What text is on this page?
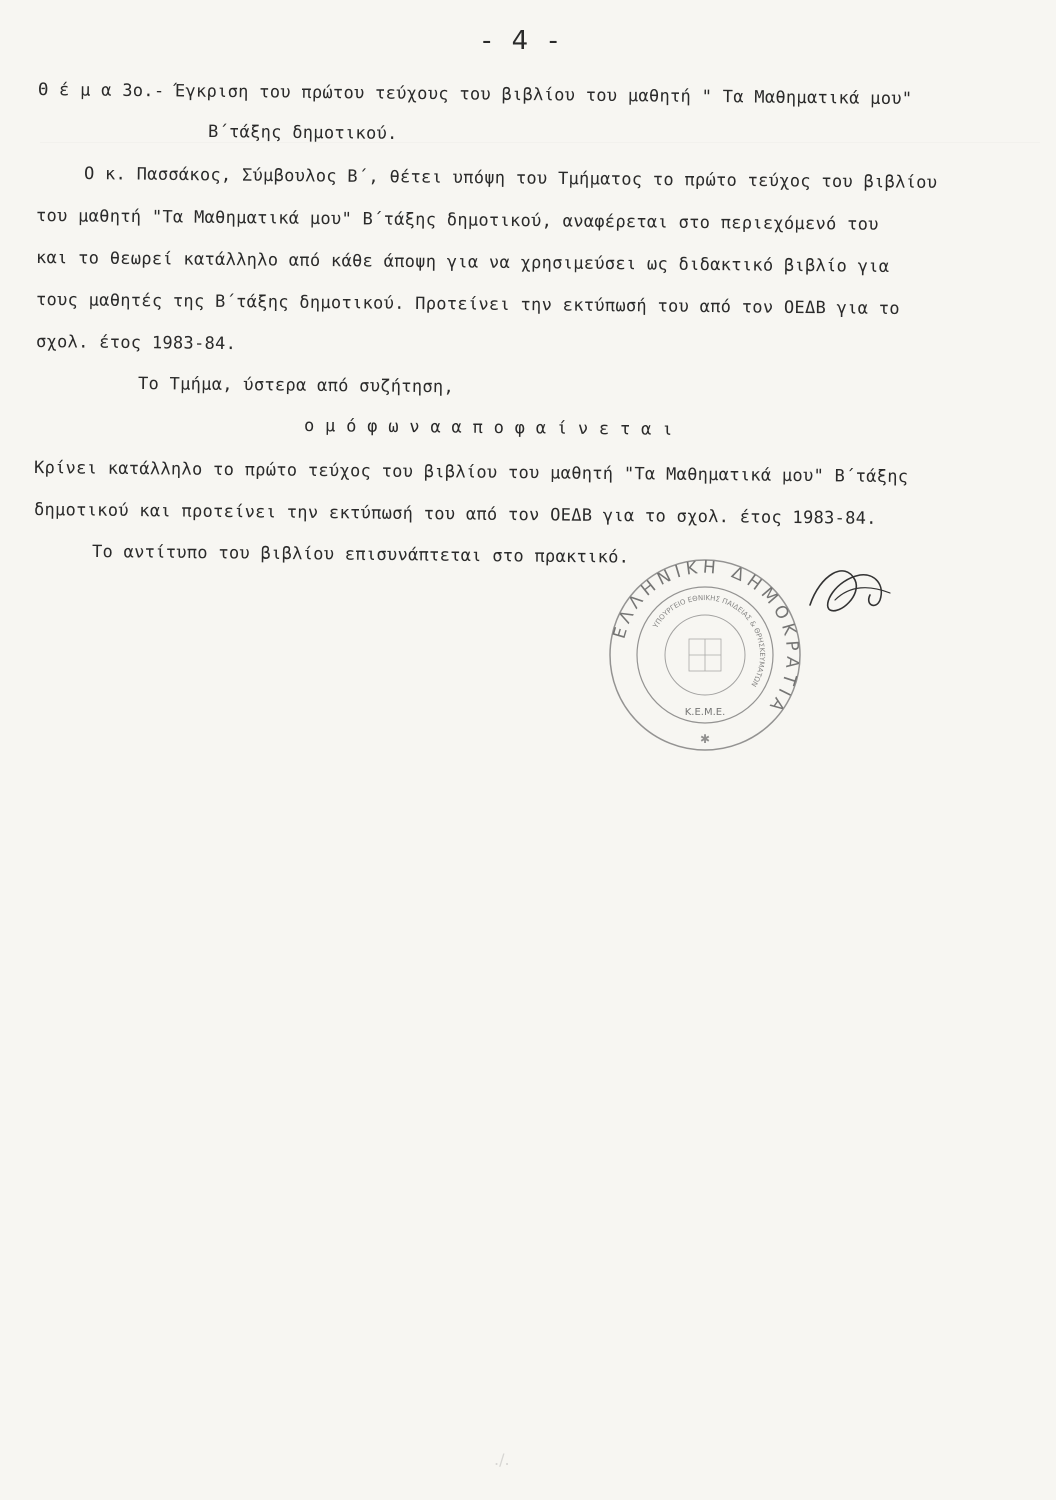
- 4 -
Θ έ μ α 3ο.- Έγκριση του πρώτου τεύχους του βιβλίου του μαθητή " Τα Μαθηματικά μου"
Β΄τάξης δημοτικού.
Ο κ. Πασσάκος, Σύμβουλος Β΄, θέτει υπόψη του Τμήματος το πρώτο τεύχος του βιβλίου
του μαθητή "Τα Μαθηματικά μου" Β΄τάξης δημοτικού, αναφέρεται στο περιεχόμενό του
και το θεωρεί κατάλληλο από κάθε άποψη για να χρησιμεύσει ως διδακτικό βιβλίο για
τους μαθητές της Β΄τάξης δημοτικού. Προτείνει την εκτύπωσή του από τον ΟΕΔΒ για το
σχολ. έτος 1983-84.
Το Τμήμα, ύστερα από συζήτηση,
ο μ ό φ ω ν α α π ο φ α ί ν ε τ α ι
Κρίνει κατάλληλο το πρώτο τεύχος του βιβλίου του μαθητή "Τα Μαθηματικά μου" Β΄τάξης
δημοτικού και προτείνει την εκτύπωσή του από τον ΟΕΔΒ για το σχολ. έτος 1983-84.
Το αντίτυπο του βιβλίου επισυνάπτεται στο πρακτικό.
ΕΛΛΗΝΙΚΗ ΔΗΜΟΚΡΑΤΙΑ
ΥΠΟΥΡΓΕΙΟ ΕΘΝΙΚΗΣ ΠΑΙΔΕΙΑΣ & ΘΡΗΣΚΕΥΜΑΤΩΝ
Κ.Ε.Μ.Ε.
✱
./.
